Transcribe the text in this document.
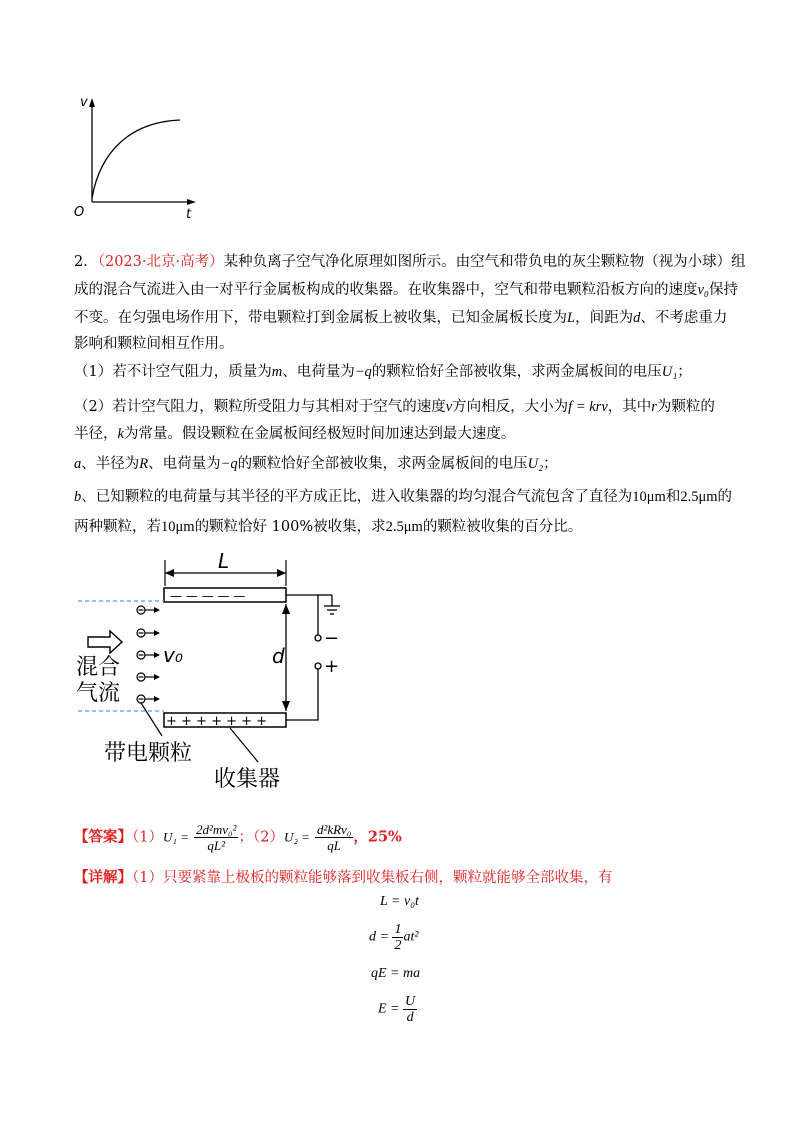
v
t
O
2．（2023·北京·高考）某种负离子空气净化原理如图所示。由空气和带负电的灰尘颗粒物（视为小球）组
成的混合气流进入由一对平行金属板构成的收集器。在收集器中，空气和带电颗粒沿板方向的速度v₀保持
不变。在匀强电场作用下，带电颗粒打到金属板上被收集，已知金属板长度为L，间距为d、不考虑重力
影响和颗粒间相互作用。
（1）若不计空气阻力，质量为m、电荷量为−q的颗粒恰好全部被收集，求两金属板间的电压U₁；
（2）若计空气阻力，颗粒所受阻力与其相对于空气的速度v方向相反，大小为f = krv，其中r为颗粒的
半径，k为常量。假设颗粒在金属板间经极短时间加速达到最大速度。
a、半径为R、电荷量为−q的颗粒恰好全部被收集，求两金属板间的电压U₂；
b、已知颗粒的电荷量与其半径的平方成正比，进入收集器的均匀混合气流包含了直径为10μm和2.5μm的
两种颗粒，若10μm的颗粒恰好 100%被收集，求2.5μm的颗粒被收集的百分比。
L
— — — — —
+ + + + + + +
−
+
d
v₀
混合
气流
带电颗粒
收集器
【答案】$(1)U_1 = \frac{\text{2d²mv₀²}}{\text{qL²}}$ ；$(2)U_2 = \frac{\text{d²kRv₀}}{qL}$ ，25%
【详解】（1）只要紧靠上极板的颗粒能够落到收集板右侧，颗粒就能够全部收集，有
L = v₀t
$d = \frac{1}{2} at^2$
qE = ma
$E = \frac{U}{d}$
